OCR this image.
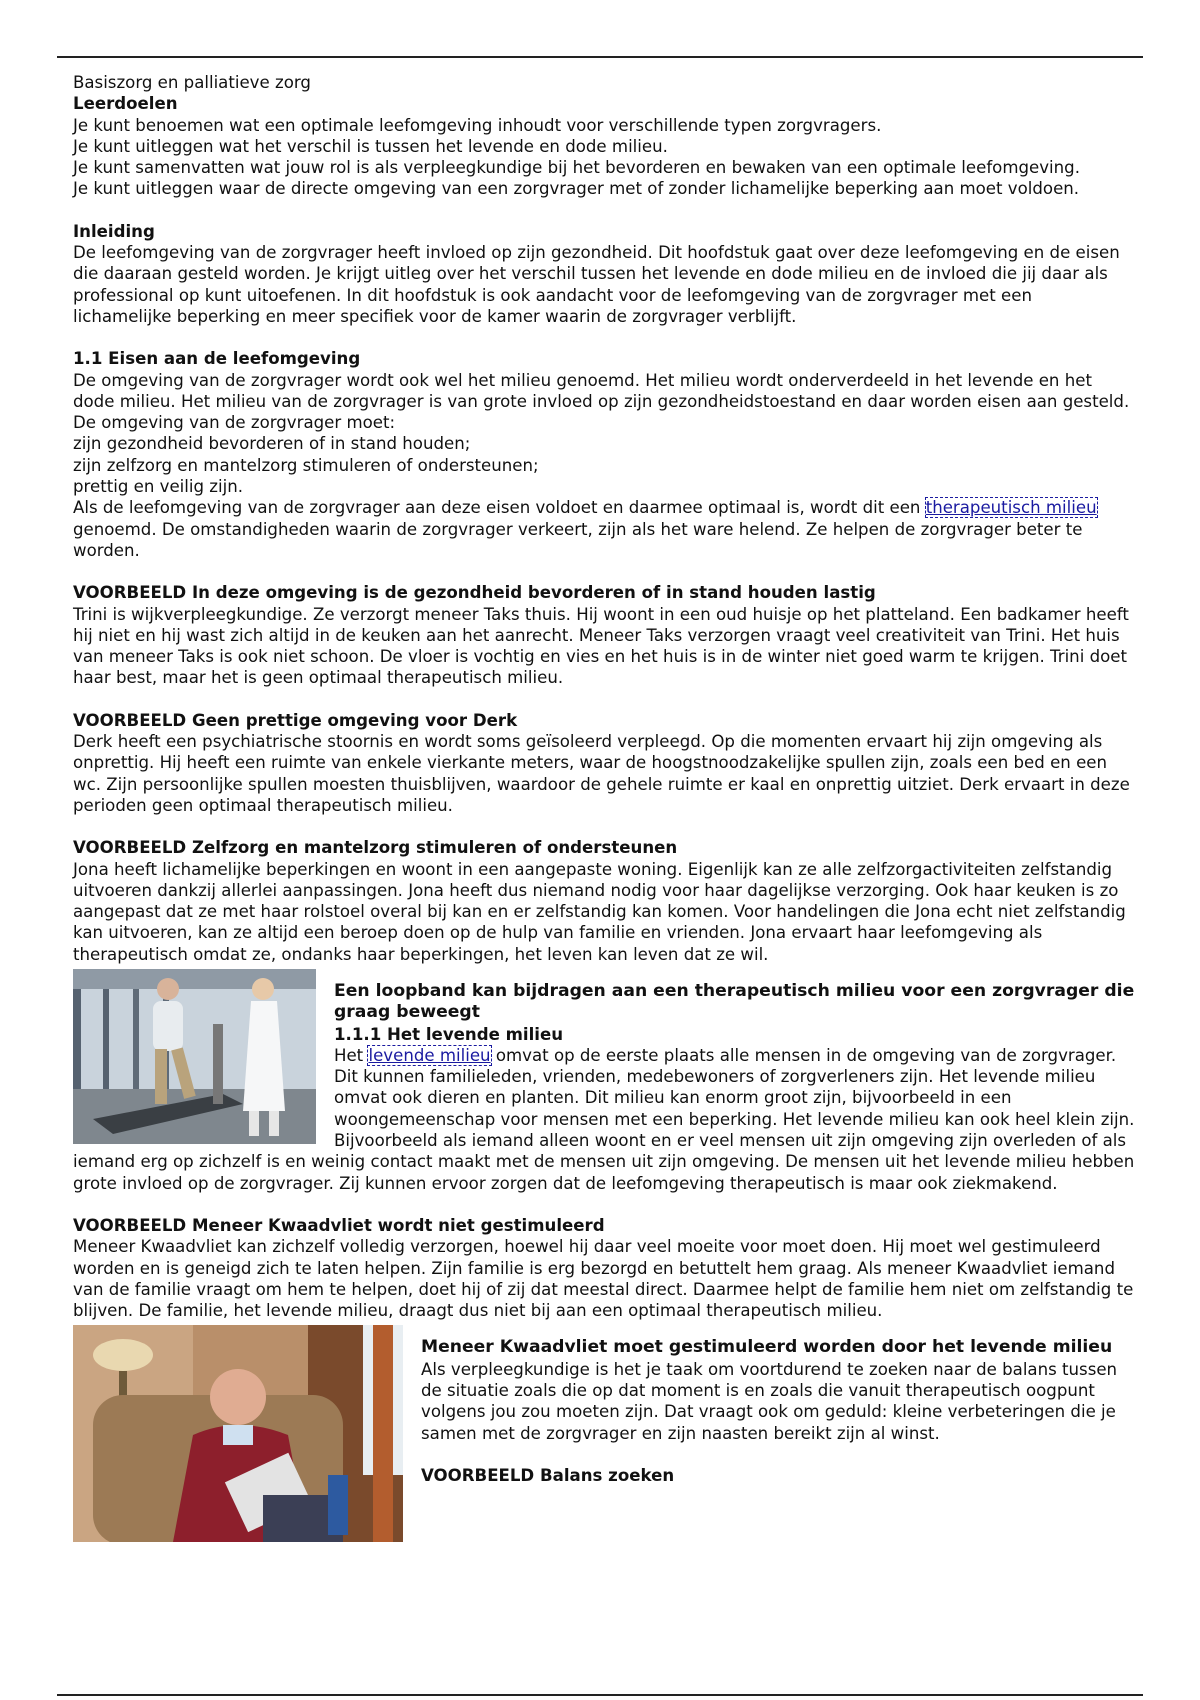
Basiszorg en palliatieve zorg

Leerdoelen

Je kunt benoemen wat een optimale leefomgeving inhoudt voor verschillende typen zorgvragers.

Je kunt uitleggen wat het verschil is tussen het levende en dode milieu.

Je kunt samenvatten wat jouw rol is als verpleegkundige bij het bevorderen en bewaken van een optimale leefomgeving.

Je kunt uitleggen waar de directe omgeving van een zorgvrager met of zonder lichamelijke beperking aan moet voldoen.

Inleiding

De leefomgeving van de zorgvrager heeft invloed op zijn gezondheid. Dit hoofdstuk gaat over deze leefomgeving en de eisen die daaraan gesteld worden. Je krijgt uitleg over het verschil tussen het levende en dode milieu en de invloed die jij daar als professional op kunt uitoefenen. In dit hoofdstuk is ook aandacht voor de leefomgeving van de zorgvrager met een lichamelijke beperking en meer specifiek voor de kamer waarin de zorgvrager verblijft.

1.1 Eisen aan de leefomgeving

De omgeving van de zorgvrager wordt ook wel het milieu genoemd. Het milieu wordt onderverdeeld in het levende en het dode milieu. Het milieu van de zorgvrager is van grote invloed op zijn gezondheidstoestand en daar worden eisen aan gesteld. De omgeving van de zorgvrager moet:

zijn gezondheid bevorderen of in stand houden;

zijn zelfzorg en mantelzorg stimuleren of ondersteunen;

prettig en veilig zijn.

Als de leefomgeving van de zorgvrager aan deze eisen voldoet en daarmee optimaal is, wordt dit een therapeutisch milieu genoemd. De omstandigheden waarin de zorgvrager verkeert, zijn als het ware helend. Ze helpen de zorgvrager beter te worden.

VOORBEELD In deze omgeving is de gezondheid bevorderen of in stand houden lastig

Trini is wijkverpleegkundige. Ze verzorgt meneer Taks thuis. Hij woont in een oud huisje op het platteland. Een badkamer heeft hij niet en hij wast zich altijd in de keuken aan het aanrecht. Meneer Taks verzorgen vraagt veel creativiteit van Trini. Het huis van meneer Taks is ook niet schoon. De vloer is vochtig en vies en het huis is in de winter niet goed warm te krijgen. Trini doet haar best, maar het is geen optimaal therapeutisch milieu.

VOORBEELD Geen prettige omgeving voor Derk

Derk heeft een psychiatrische stoornis en wordt soms geïsoleerd verpleegd. Op die momenten ervaart hij zijn omgeving als onprettig. Hij heeft een ruimte van enkele vierkante meters, waar de hoogstnoodzakelijke spullen zijn, zoals een bed en een wc. Zijn persoonlijke spullen moesten thuisblijven, waardoor de gehele ruimte er kaal en onprettig uitziet. Derk ervaart in deze perioden geen optimaal therapeutisch milieu.

VOORBEELD Zelfzorg en mantelzorg stimuleren of ondersteunen

Jona heeft lichamelijke beperkingen en woont in een aangepaste woning. Eigenlijk kan ze alle zelfzorgactiviteiten zelfstandig uitvoeren dankzij allerlei aanpassingen. Jona heeft dus niemand nodig voor haar dagelijkse verzorging. Ook haar keuken is zo aangepast dat ze met haar rolstoel overal bij kan en er zelfstandig kan komen. Voor handelingen die Jona echt niet zelfstandig kan uitvoeren, kan ze altijd een beroep doen op de hulp van familie en vrienden. Jona ervaart haar leefomgeving als therapeutisch omdat ze, ondanks haar beperkingen, het leven kan leven dat ze wil.

Een loopband kan bijdragen aan een therapeutisch milieu voor een zorgvrager die graag beweegt

1.1.1 Het levende milieu

Het levende milieu omvat op de eerste plaats alle mensen in de omgeving van de zorgvrager. Dit kunnen familieleden, vrienden, medebewoners of zorgverleners zijn. Het levende milieu omvat ook dieren en planten. Dit milieu kan enorm groot zijn, bijvoorbeeld in een woongemeenschap voor mensen met een beperking. Het levende milieu kan ook heel klein zijn. Bijvoorbeeld als iemand alleen woont en er veel mensen uit zijn omgeving zijn overleden of als iemand erg op zichzelf is en weinig contact maakt met de mensen uit zijn omgeving. De mensen uit het levende milieu hebben grote invloed op de zorgvrager. Zij kunnen ervoor zorgen dat de leefomgeving therapeutisch is maar ook ziekmakend.

VOORBEELD Meneer Kwaadvliet wordt niet gestimuleerd

Meneer Kwaadvliet kan zichzelf volledig verzorgen, hoewel hij daar veel moeite voor moet doen. Hij moet wel gestimuleerd worden en is geneigd zich te laten helpen. Zijn familie is erg bezorgd en betuttelt hem graag. Als meneer Kwaadvliet iemand van de familie vraagt om hem te helpen, doet hij of zij dat meestal direct. Daarmee helpt de familie hem niet om zelfstandig te blijven. De familie, het levende milieu, draagt dus niet bij aan een optimaal therapeutisch milieu.

Meneer Kwaadvliet moet gestimuleerd worden door het levende milieu

Als verpleegkundige is het je taak om voortdurend te zoeken naar de balans tussen de situatie zoals die op dat moment is en zoals die vanuit therapeutisch oogpunt volgens jou zou moeten zijn. Dat vraagt ook om geduld: kleine verbeteringen die je samen met de zorgvrager en zijn naasten bereikt zijn al winst.

VOORBEELD Balans zoeken
